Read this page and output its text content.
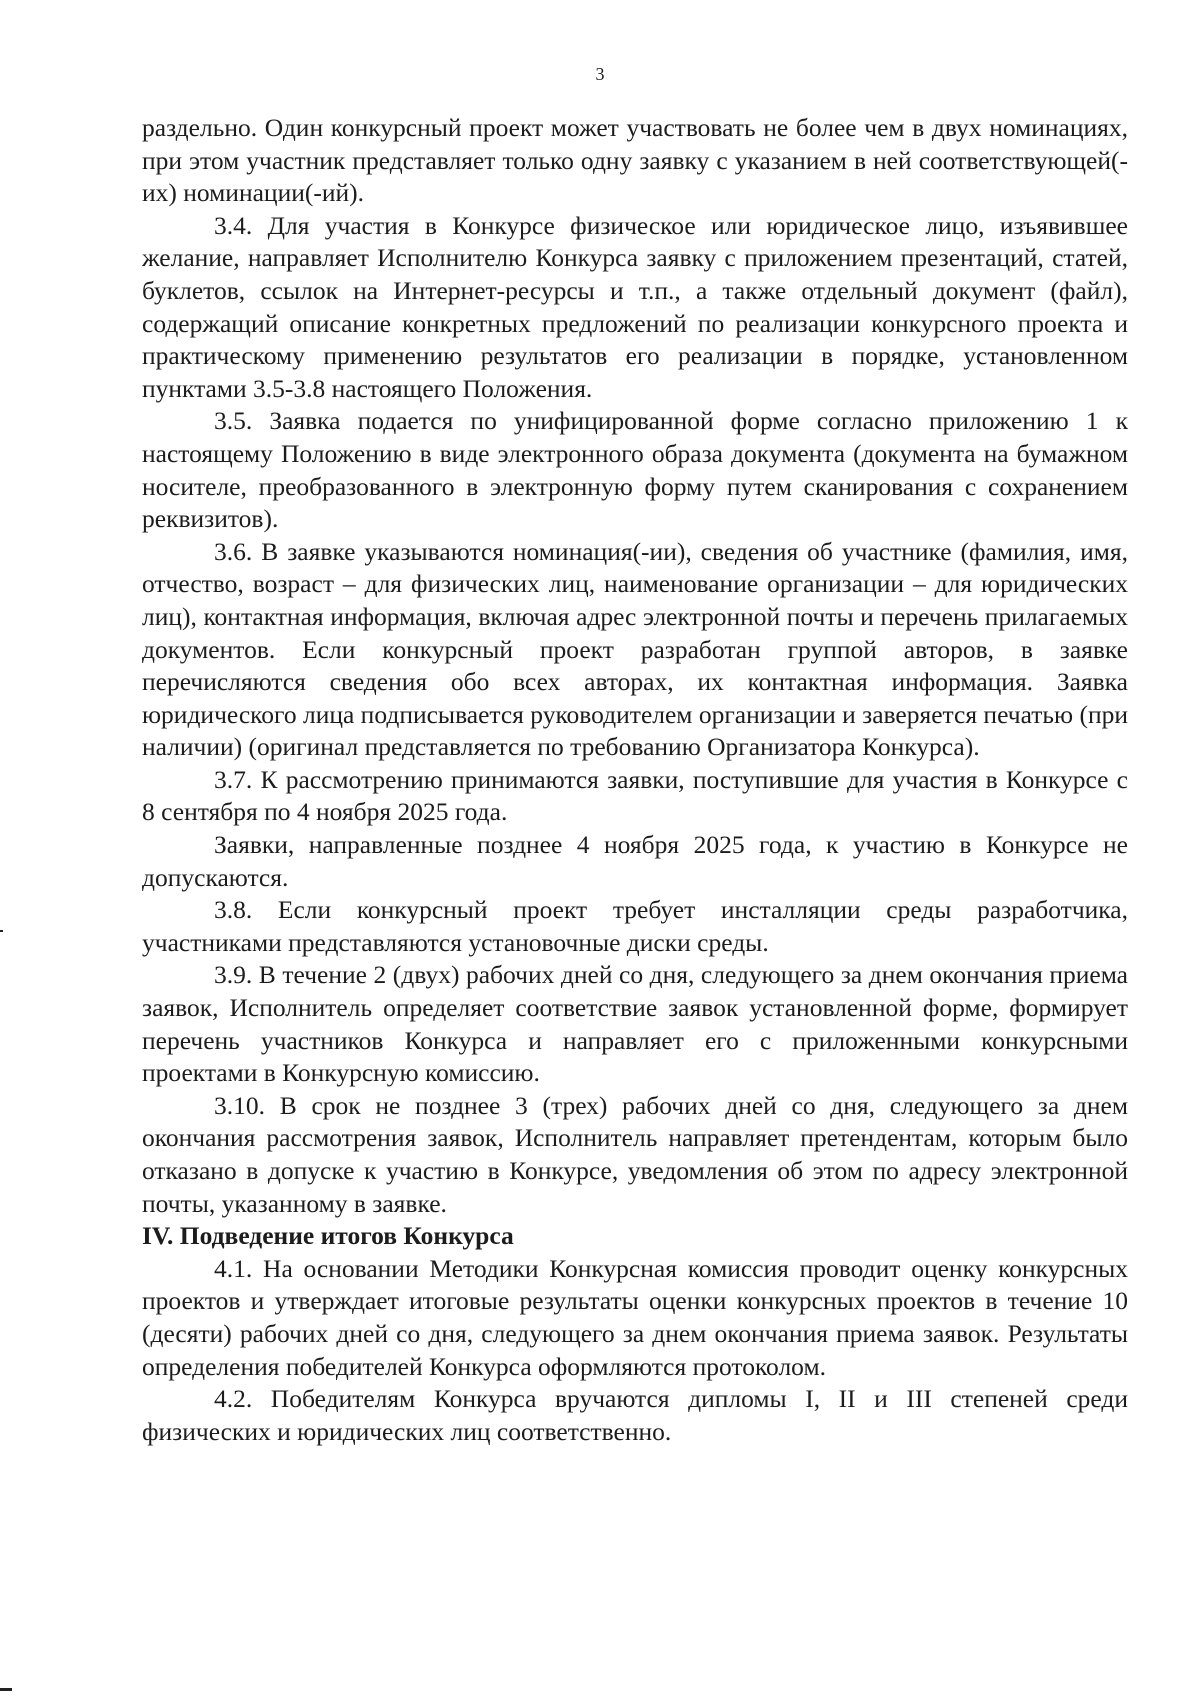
3

раздельно. Один конкурсный проект может участвовать не более чем в двух номинациях, при этом участник представляет только одну заявку с указанием в ней соответствующей(-их) номинации(-ий).

3.4. Для участия в Конкурсе физическое или юридическое лицо, изъявившее желание, направляет Исполнителю Конкурса заявку с приложением презентаций, статей, буклетов, ссылок на Интернет-ресурсы и т.п., а также отдельный документ (файл), содержащий описание конкретных предложений по реализации конкурсного проекта и практическому применению результатов его реализации в порядке, установленном пунктами 3.5-3.8 настоящего Положения.

3.5. Заявка подается по унифицированной форме согласно приложению 1 к настоящему Положению в виде электронного образа документа (документа на бумажном носителе, преобразованного в электронную форму путем сканирования с сохранением реквизитов).

3.6. В заявке указываются номинация(-ии), сведения об участнике (фамилия, имя, отчество, возраст – для физических лиц, наименование организации – для юридических лиц), контактная информация, включая адрес электронной почты и перечень прилагаемых документов. Если конкурсный проект разработан группой авторов, в заявке перечисляются сведения обо всех авторах, их контактная информация. Заявка юридического лица подписывается руководителем организации и заверяется печатью (при наличии) (оригинал представляется по требованию Организатора Конкурса).

3.7. К рассмотрению принимаются заявки, поступившие для участия в Конкурсе с 8 сентября по 4 ноября 2025 года.

Заявки, направленные позднее 4 ноября 2025 года, к участию в Конкурсе не допускаются.

3.8. Если конкурсный проект требует инсталляции среды разработчика, участниками представляются установочные диски среды.

3.9. В течение 2 (двух) рабочих дней со дня, следующего за днем окончания приема заявок, Исполнитель определяет соответствие заявок установленной форме, формирует перечень участников Конкурса и направляет его с приложенными конкурсными проектами в Конкурсную комиссию.

3.10. В срок не позднее 3 (трех) рабочих дней со дня, следующего за днем окончания рассмотрения заявок, Исполнитель направляет претендентам, которым было отказано в допуске к участию в Конкурсе, уведомления об этом по адресу электронной почты, указанному в заявке.

IV. Подведение итогов Конкурса

4.1. На основании Методики Конкурсная комиссия проводит оценку конкурсных проектов и утверждает итоговые результаты оценки конкурсных проектов в течение 10 (десяти) рабочих дней со дня, следующего за днем окончания приема заявок. Результаты определения победителей Конкурса оформляются протоколом.

4.2. Победителям Конкурса вручаются дипломы I, II и III степеней среди физических и юридических лиц соответственно.
